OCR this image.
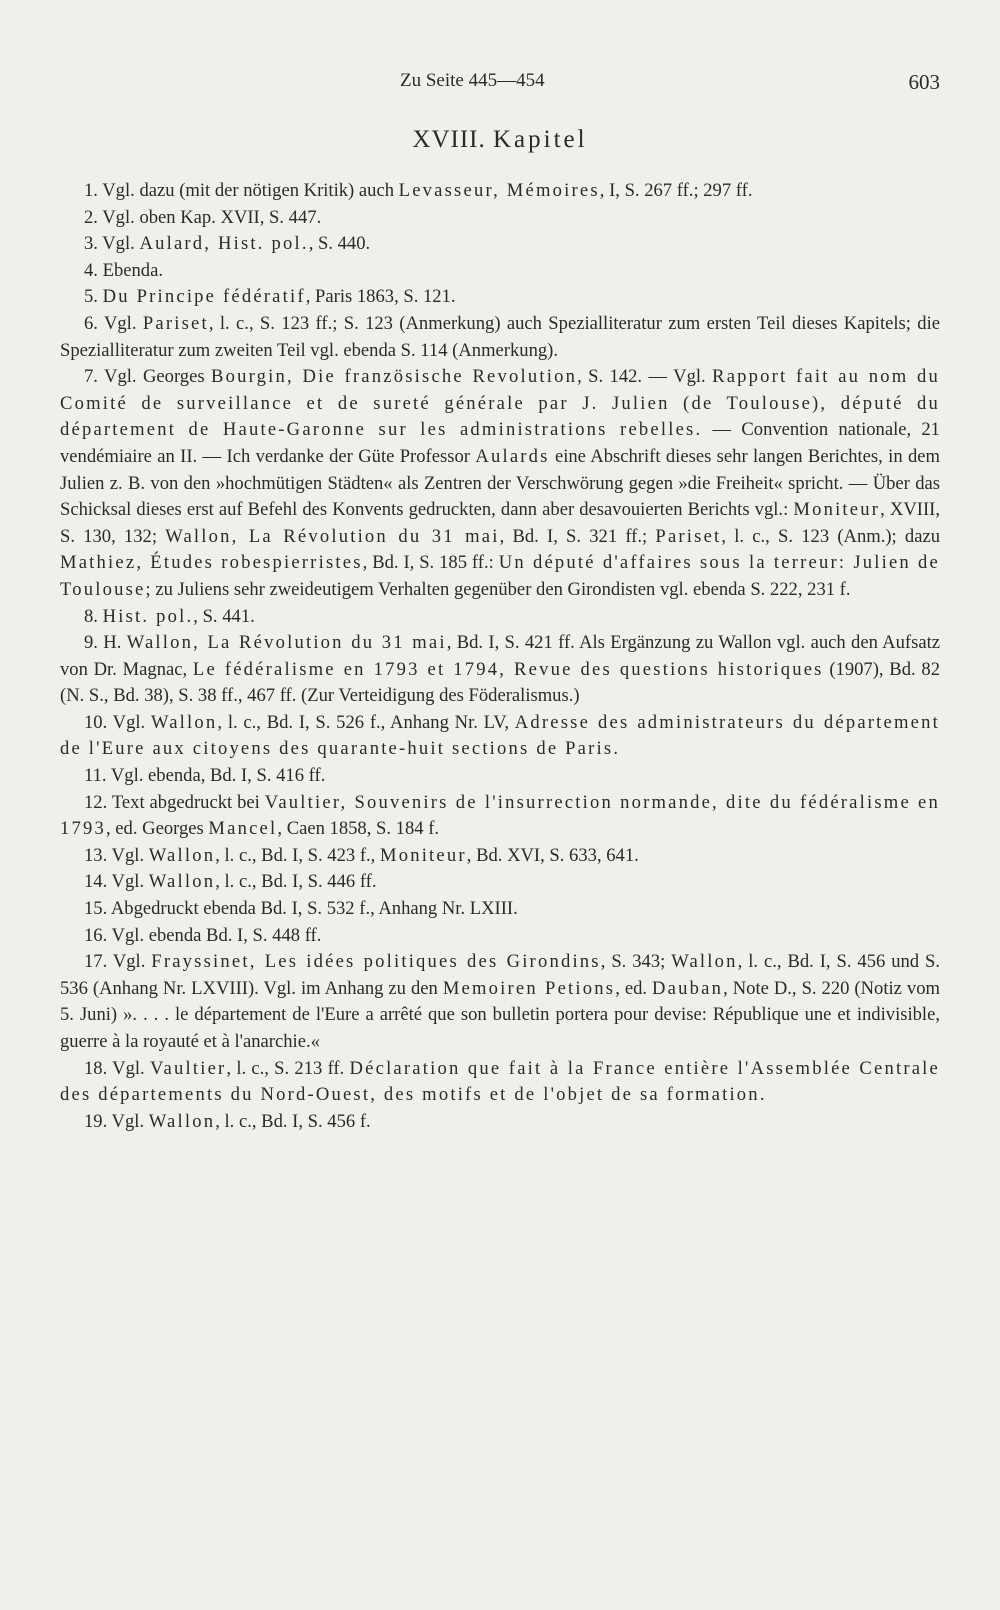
Zu Seite 445—454	603
XVIII. Kapitel

1. Vgl. dazu (mit der nötigen Kritik) auch Levasseur, Mémoires, I, S. 267 ff.; 297 ff.

2. Vgl. oben Kap. XVII, S. 447.

3. Vgl. Aulard, Hist. pol., S. 440.

4. Ebenda.

5. Du Principe fédératif, Paris 1863, S. 121.

6. Vgl. Pariset, l. c., S. 123 ff.; S. 123 (Anmerkung) auch Spezialliteratur zum ersten Teil dieses Kapitels; die Spezialliteratur zum zweiten Teil vgl. ebenda S. 114 (Anmerkung).

7. Vgl. Georges Bourgin, Die französische Revolution, S. 142. — Vgl. Rapport fait au nom du Comité de surveillance et de sureté générale par J. Julien (de Toulouse), député du département de Haute-Garonne sur les administrations rebelles. — Convention nationale, 21 vendémiaire an II. — Ich verdanke der Güte Professor Aulards eine Abschrift dieses sehr langen Berichtes, in dem Julien z. B. von den »hochmütigen Städten« als Zentren der Verschwörung gegen »die Freiheit« spricht. — Über das Schicksal dieses erst auf Befehl des Konvents gedruckten, dann aber desavouierten Berichts vgl.: Moniteur, XVIII, S. 130, 132; Wallon, La Révolution du 31 mai, Bd. I, S. 321 ff.; Pariset, l. c., S. 123 (Anm.); dazu Mathiez, Études robespierristes, Bd. I, S. 185 ff.: Un député d'affaires sous la terreur: Julien de Toulouse; zu Juliens sehr zweideutigem Verhalten gegenüber den Girondisten vgl. ebenda S. 222, 231 f.

8. Hist. pol., S. 441.

9. H. Wallon, La Révolution du 31 mai, Bd. I, S. 421 ff. Als Ergänzung zu Wallon vgl. auch den Aufsatz von Dr. Magnac, Le fédéralisme en 1793 et 1794, Revue des questions historiques (1907), Bd. 82 (N. S., Bd. 38), S. 38 ff., 467 ff. (Zur Verteidigung des Föderalismus.)

10. Vgl. Wallon, l. c., Bd. I, S. 526 f., Anhang Nr. LV, Adresse des administrateurs du département de l'Eure aux citoyens des quarante-huit sections de Paris.

11. Vgl. ebenda, Bd. I, S. 416 ff.

12. Text abgedruckt bei Vaultier, Souvenirs de l'insurrection normande, dite du fédéralisme en 1793, ed. Georges Mancel, Caen 1858, S. 184 f.

13. Vgl. Wallon, l. c., Bd. I, S. 423 f., Moniteur, Bd. XVI, S. 633, 641.

14. Vgl. Wallon, l. c., Bd. I, S. 446 ff.

15. Abgedruckt ebenda Bd. I, S. 532 f., Anhang Nr. LXIII.

16. Vgl. ebenda Bd. I, S. 448 ff.

17. Vgl. Frayssinet, Les idées politiques des Girondins, S. 343; Wallon, l. c., Bd. I, S. 456 und S. 536 (Anhang Nr. LXVIII). Vgl. im Anhang zu den Memoiren Petions, ed. Dauban, Note D., S. 220 (Notiz vom 5. Juni) ». . . . le département de l'Eure a arrêté que son bulletin portera pour devise: République une et indivisible, guerre à la royauté et à l'anarchie.«

18. Vgl. Vaultier, l. c., S. 213 ff. Déclaration que fait à la France entière l'Assemblée Centrale des départements du Nord-Ouest, des motifs et de l'objet de sa formation.

19. Vgl. Wallon, l. c., Bd. I, S. 456 f.
